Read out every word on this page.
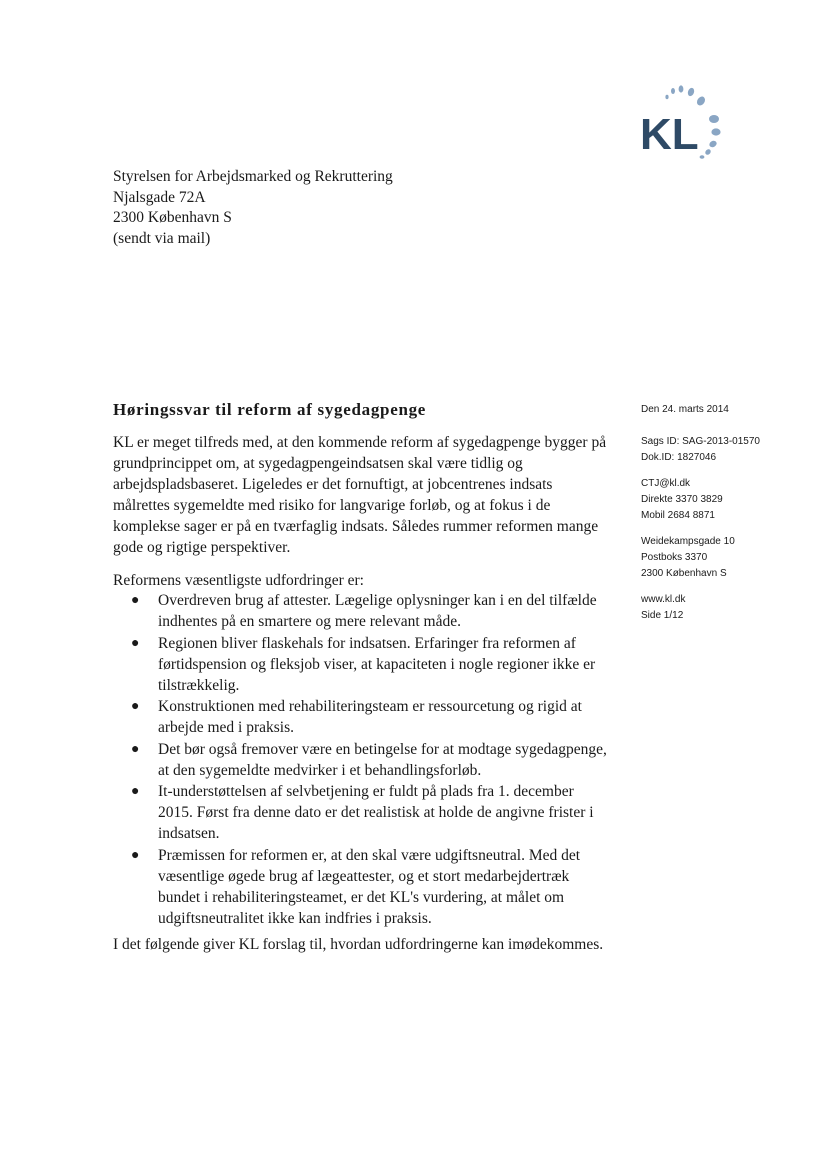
KL
Styrelsen for Arbejdsmarked og Rekruttering
Njalsgade 72A
2300 København S
(sendt via mail)
Høringssvar til reform af sygedagpenge

KL er meget tilfreds med, at den kommende reform af sygedagpenge bygger på grundprincippet om, at sygedagpengeindsatsen skal være tidlig og arbejdspladsbaseret. Ligeledes er det fornuftigt, at jobcentrenes indsats målrettes sygemeldte med risiko for langvarige forløb, og at fokus i de komplekse sager er på en tværfaglig indsats. Således rummer reformen mange gode og rigtige perspektiver.

Reformens væsentligste udfordringer er:

● Overdreven brug af attester. Lægelige oplysninger kan i en del tilfælde indhentes på en smartere og mere relevant måde.
● Regionen bliver flaskehals for indsatsen. Erfaringer fra reformen af førtidspension og fleksjob viser, at kapaciteten i nogle regioner ikke er tilstrækkelig.
● Konstruktionen med rehabiliteringsteam er ressourcetung og rigid at arbejde med i praksis.
● Det bør også fremover være en betingelse for at modtage sygedagpenge, at den sygemeldte medvirker i et behandlingsforløb.
● It-understøttelsen af selvbetjening er fuldt på plads fra 1. december 2015. Først fra denne dato er det realistisk at holde de angivne frister i indsatsen.
● Præmissen for reformen er, at den skal være udgiftsneutral. Med det væsentlige øgede brug af lægeattester, og et stort medarbejdertræk bundet i rehabiliteringsteamet, er det KL's vurdering, at målet om udgiftsneutralitet ikke kan indfries i praksis.

I det følgende giver KL forslag til, hvordan udfordringerne kan imødekommes.

Den 24. marts 2014
Sags ID: SAG-2013-01570
Dok.ID: 1827046
CTJ@kl.dk
Direkte 3370 3829
Mobil 2684 8871
Weidekampsgade 10
Postboks 3370
2300 København S
www.kl.dk
Side 1/12
